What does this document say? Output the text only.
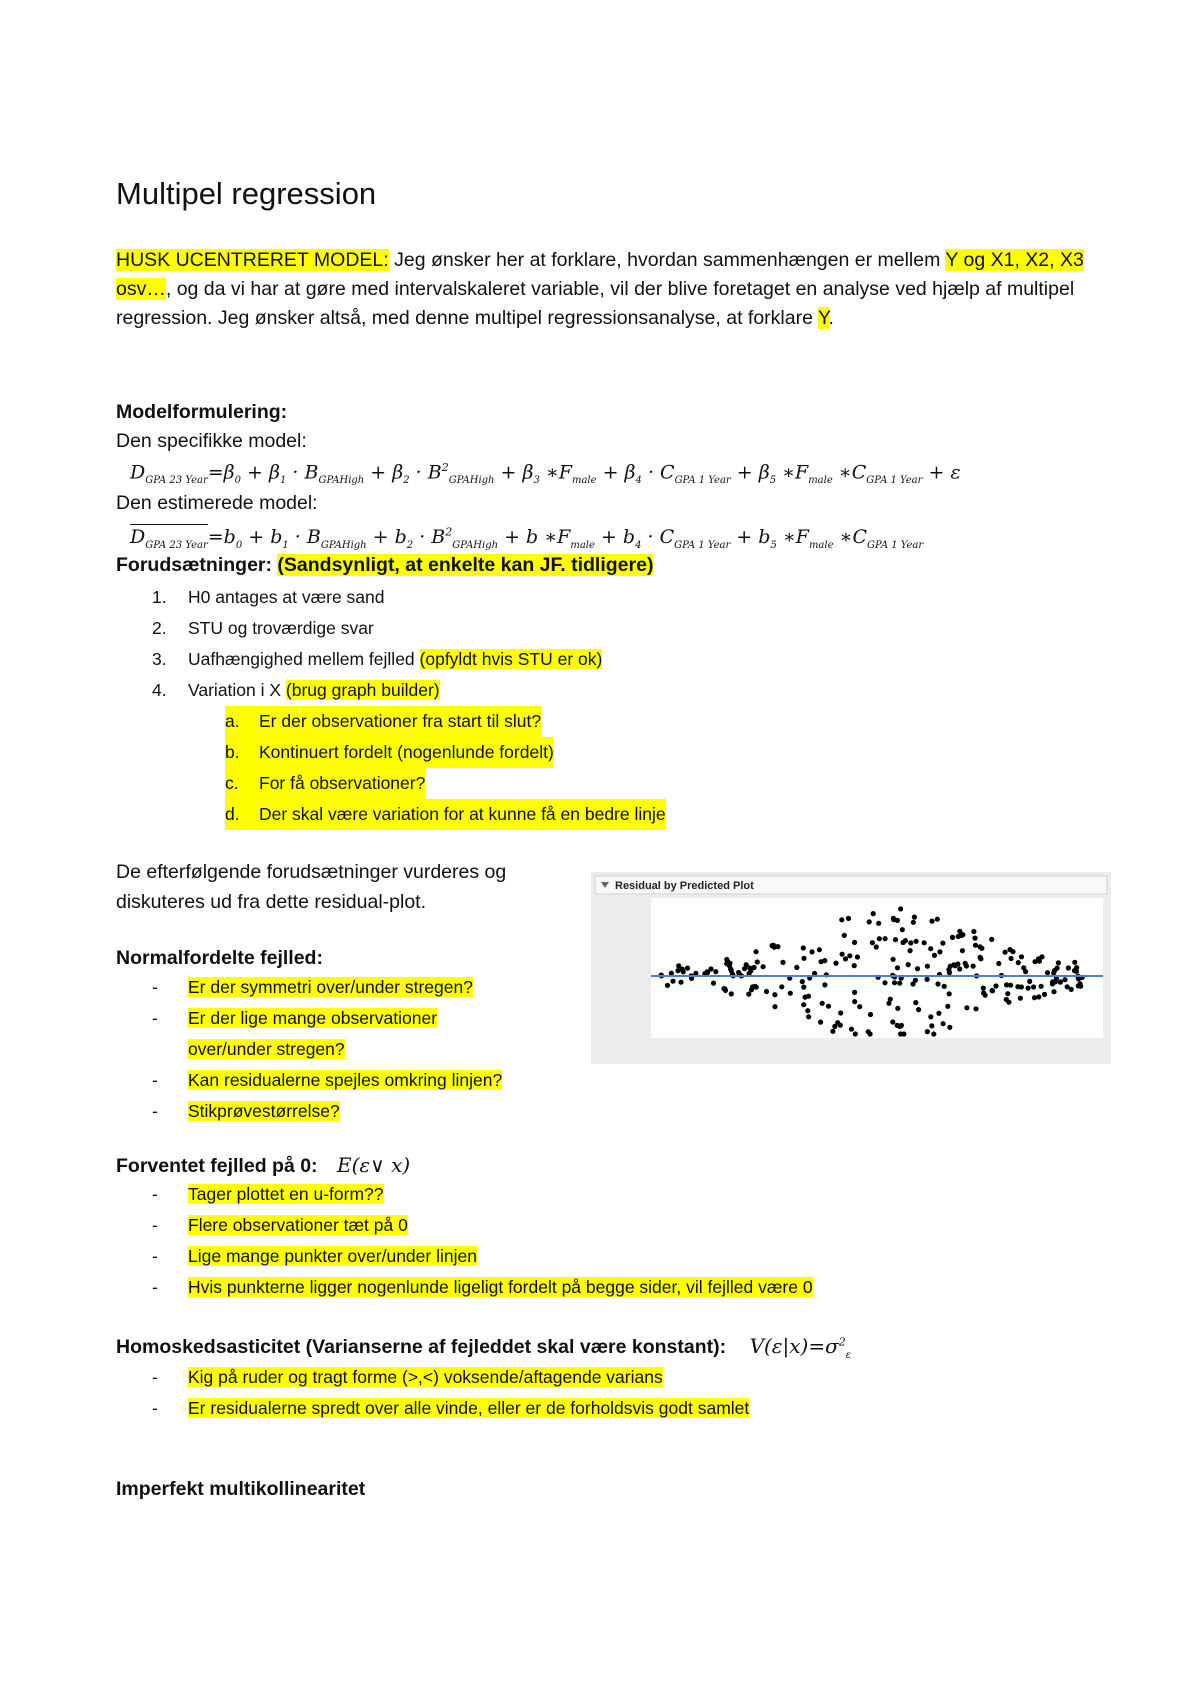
Multipel regression
HUSK UCENTRERET MODEL: Jeg ønsker her at forklare, hvordan sammenhængen er mellem Y og X1, X2, X3 osv…, og da vi har at gøre med intervalskaleret variable, vil der blive foretaget en analyse ved hjælp af multipel regression. Jeg ønsker altså, med denne multipel regressionsanalyse, at forklare Y.
Modelformulering:
Den specifikke model:
$D_{GPA 23 Year}=\beta_0 + \beta_1 \cdot B_{GPAHigh} + \beta_2 \cdot B^2_{GPAHigh} + \beta_3$ $∗F_{male} + \beta_4 \cdot C_{GPA 1 Year} + \beta_5$ $∗F_{male}$ $∗C_{GPA 1 Year} + \varepsilon$
Den estimerede model:
$D_{GPA 23 Year}=b_0 + b_1 \cdot B_{GPAHigh} + b_2 \cdot B^2_{GPAHigh} + b$ $∗F_{male} + b_4 \cdot C_{GPA 1 Year} + b_5$ $∗F_{male}$ $∗C_{GPA 1 Year}$
Forudsætninger: (Sandsynligt, at enkelte kan JF. tidligere)
1.	H0 antages at være sand
2.	STU og troværdige svar
3.	Uafhængighed mellem fejlled (opfyldt hvis STU er ok)
4.	Variation i X (brug graph builder)
a. Er der observationer fra start til slut?
b. Kontinuert fordelt (nogenlunde fordelt)
c. For få observationer?
d. Der skal være variation for at kunne få en bedre linje
De efterfølgende forudsætninger vurderes og diskuteres ud fra dette residual-plot.
Residual by Predicted Plot
Normalfordelte fejlled:
- Er der symmetri over/under stregen?
- Er der lige mange observationer
over/under stregen?
- Kan residualerne spejles omkring linjen?
- Stikprøvestørrelse?
Forventet fejlled på 0: E(ε∨ x)
- Tager plottet en u-form??
- Flere observationer tæt på 0
- Lige mange punkter over/under linjen
- Hvis punkterne ligger nogenlunde ligeligt fordelt på begge sider, vil fejlled være 0
Homoskedsasticitet (Varianserne af fejleddet skal være konstant): $V(\varepsilon|x)=\sigma^2_\varepsilon$
- Kig på ruder og tragt forme (>,<) voksende/aftagende varians
- Er residualerne spredt over alle vinde, eller er de forholdsvis godt samlet
Imperfekt multikollinearitet
